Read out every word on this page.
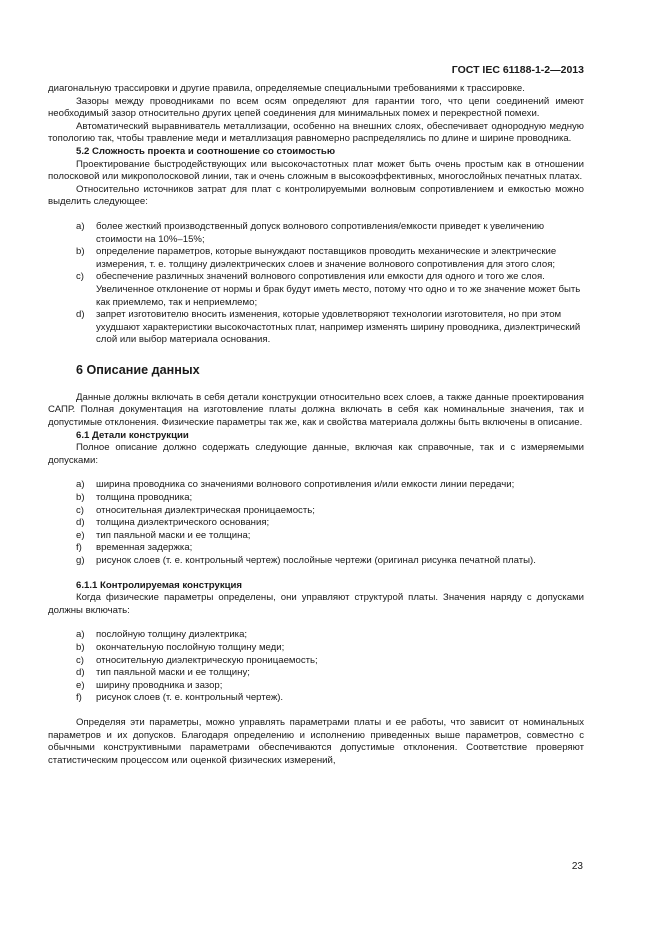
ГОСТ IEC 61188-1-2—2013

диагональную трассировки и другие правила, определяемые специальными требованиями к трассировке.

Зазоры между проводниками по всем осям определяют для гарантии того, что цепи соединений имеют необходимый зазор относительно других цепей соединения для минимальных помех и перекрестной помехи.

Автоматический выравниватель металлизации, особенно на внешних слоях, обеспечивает однородную медную топологию так, чтобы травление меди и металлизация равномерно распределялись по длине и ширине проводника.

5.2 Сложность проекта и соотношение со стоимостью

Проектирование быстродействующих или высокочастотных плат может быть очень простым как в отношении полосковой или микрополосковой линии, так и очень сложным в высокоэффективных, многослойных печатных платах.

Относительно источников затрат для плат с контролируемыми волновым сопротивлением и емкостью можно выделить следующее:

a)	более жесткий производственный допуск волнового сопротивления/емкости приведет к увеличению стоимости на 10%–15%;
b)	определение параметров, которые вынуждают поставщиков проводить механические и электрические измерения, т. е. толщину диэлектрических слоев и значение волнового сопротивления для этого слоя;
c)	обеспечение различных значений волнового сопротивления или емкости для одного и того же слоя. Увеличенное отклонение от нормы и брак будут иметь место, потому что одно и то же значение может быть как приемлемо, так и неприемлемо;
d)	запрет изготовителю вносить изменения, которые удовлетворяют технологии изготовителя, но при этом ухудшают характеристики высокочастотных плат, например изменять ширину проводника, диэлектрический слой или выбор материала основания.
6 Описание данных

Данные должны включать в себя детали конструкции относительно всех слоев, а также данные проектирования САПР. Полная документация на изготовление платы должна включать в себя как номинальные значения, так и допустимые отклонения. Физические параметры так же, как и свойства материала должны быть включены в описание.

6.1 Детали конструкции

Полное описание должно содержать следующие данные, включая как справочные, так и с измеряемыми допусками:

a)	ширина проводника со значениями волнового сопротивления и/или емкости линии передачи;
b)	толщина проводника;
c)	относительная диэлектрическая проницаемость;
d)	толщина диэлектрического основания;
e)	тип паяльной маски и ее толщина;
f)	временная задержка;
g)	рисунок слоев (т. е. контрольный чертеж) послойные чертежи (оригинал рисунка печатной платы).
6.1.1 Контролируемая конструкция

Когда физические параметры определены, они управляют структурой платы. Значения наряду с допусками должны включать:

a)	послойную толщину диэлектрика;
b)	окончательную послойную толщину меди;
c)	относительную диэлектрическую проницаемость;
d)	тип паяльной маски и ее толщину;
e)	ширину проводника и зазор;
f)	рисунок слоев (т. е. контрольный чертеж).

Определяя эти параметры, можно управлять параметрами платы и ее работы, что зависит от номинальных параметров и их допусков. Благодаря определению и исполнению приведенных выше параметров, совместно с обычными конструктивными параметрами обеспечиваются допустимые отклонения. Соответствие проверяют статистическим процессом или оценкой физических измерений,

23
